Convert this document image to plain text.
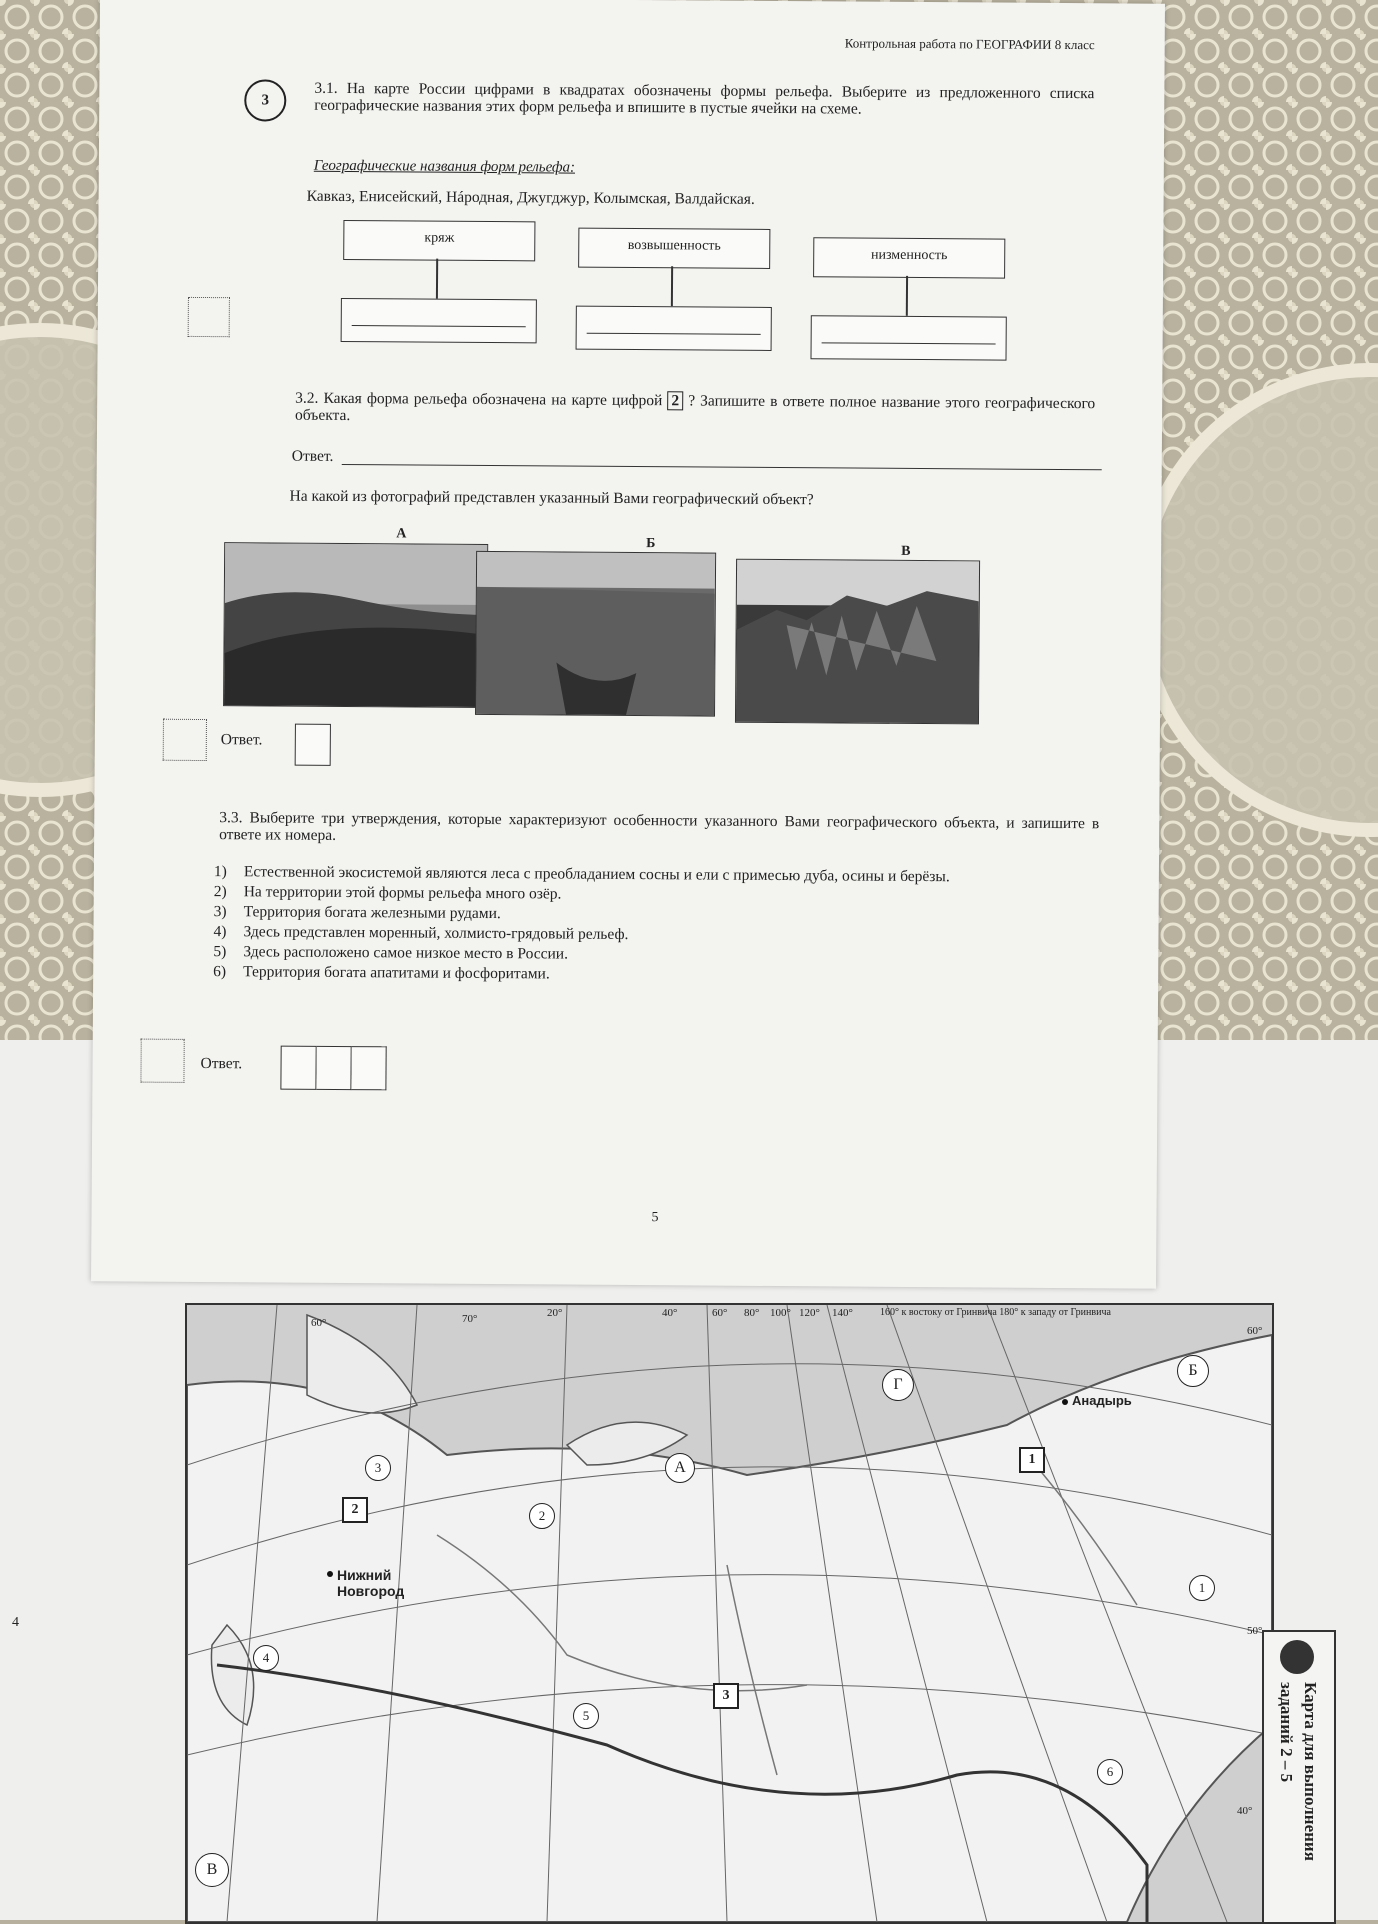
4
Контрольная работа по ГЕОГРАФИИ 8 класс
3	3.1. На карте России цифрами в квадратах обозначены формы рельефа. Выберите из предложенного списка географические названия этих форм рельефа и впишите в пустые ячейки на схеме.
Географические названия форм рельефа:
Кавказ, Енисейский, Нáродная, Джугджур, Колымская, Валдайская.
кряж	возвышенность
низменность
3.2. Какая форма рельефа обозначена на карте цифрой 2 ? Запишите в ответе полное название этого географического объекта.
Ответ.
На какой из фотографий представлен указанный Вами географический объект?
А
Б
В
Ответ.
3.3. Выберите три утверждения, которые характеризуют особенности указанного Вами географического объекта, и запишите в ответе их номера.
1)	Естественной экосистемой являются леса с преобладанием сосны и ели с примесью дуба, осины и берёзы.
2)	На территории этой формы рельефа много озёр.
3)	Территория богата железными рудами.
4)	Здесь представлен моренный, холмисто-грядовый рельеф.
5)	Здесь расположено самое низкое место в России.
6)	Территория богата апатитами и фосфоритами.
Ответ.
5
20°	40°	60° 80° 100° 120° 140°	160° к востоку от Гринвича 180° к западу от Гринвича
60°	70°
60°
50°
40°
Нижний Новгород
Анадырь
А
Б
В
Г
1
2
3
4
5
6
1
2
3	Карта для выполнения
заданий 2 – 5
